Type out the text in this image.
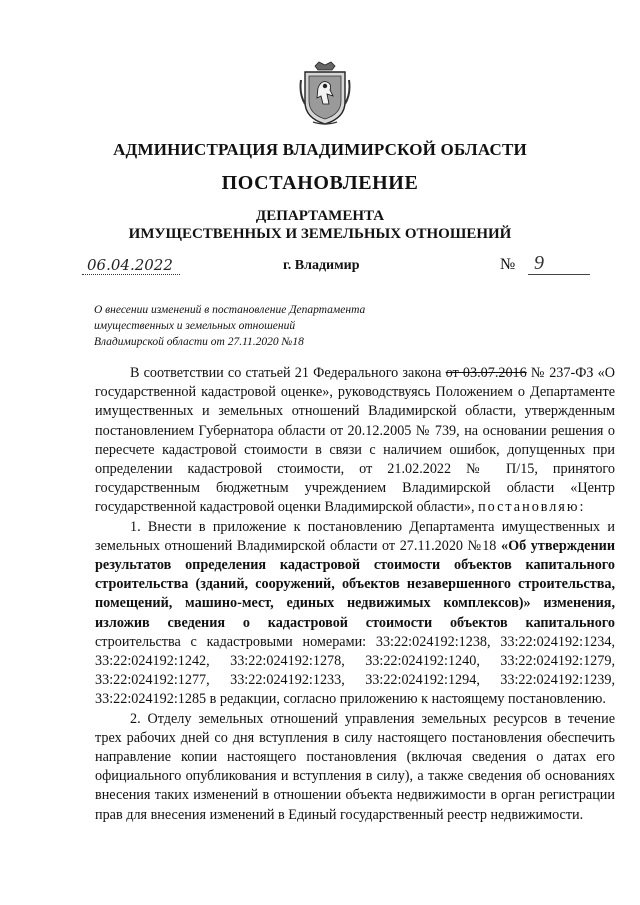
АДМИНИСТРАЦИЯ ВЛАДИМИРСКОЙ ОБЛАСТИ
ПОСТАНОВЛЕНИЕ
ДЕПАРТАМЕНТА
ИМУЩЕСТВЕННЫХ И ЗЕМЕЛЬНЫХ ОТНОШЕНИЙ
06.04.2022	г. Владимир	№ 9
О внесении изменений в постановление Департамента
имущественных и земельных отношений
Владимирской области от 27.11.2020 №18

В соответствии со статьей 21 Федерального закона от 03.07.2016 № 237-ФЗ «О государственной кадастровой оценке», руководствуясь Положением о Департаменте имущественных и земельных отношений Владимирской области, утвержденным постановлением Губернатора области от 20.12.2005 № 739, на основании решения о пересчете кадастровой стоимости в связи с наличием ошибок, допущенных при определении кадастровой стоимости, от 21.02.2022 № П/15, принятого государственным бюджетным учреждением Владимирской области «Центр государственной кадастровой оценки Владимирской области», постановляю:

1. Внести в приложение к постановлению Департамента имущественных и земельных отношений Владимирской области от 27.11.2020 №18 «Об утверждении результатов определения кадастровой стоимости объектов капитального строительства (зданий, сооружений, объектов незавершенного строительства, помещений, машино-мест, единых недвижимых комплексов)» изменения, изложив сведения о кадастровой стоимости объектов капитального строительства с кадастровыми номерами: 33:22:024192:1238, 33:22:024192:1234, 33:22:024192:1242, 33:22:024192:1278, 33:22:024192:1240, 33:22:024192:1279, 33:22:024192:1277, 33:22:024192:1233, 33:22:024192:1294, 33:22:024192:1239, 33:22:024192:1285 в редакции, согласно приложению к настоящему постановлению.

2. Отделу земельных отношений управления земельных ресурсов в течение трех рабочих дней со дня вступления в силу настоящего постановления обеспечить направление копии настоящего постановления (включая сведения о датах его официального опубликования и вступления в силу), а также сведения об основаниях внесения таких изменений в отношении объекта недвижимости в орган регистрации прав для внесения изменений в Единый государственный реестр недвижимости.
